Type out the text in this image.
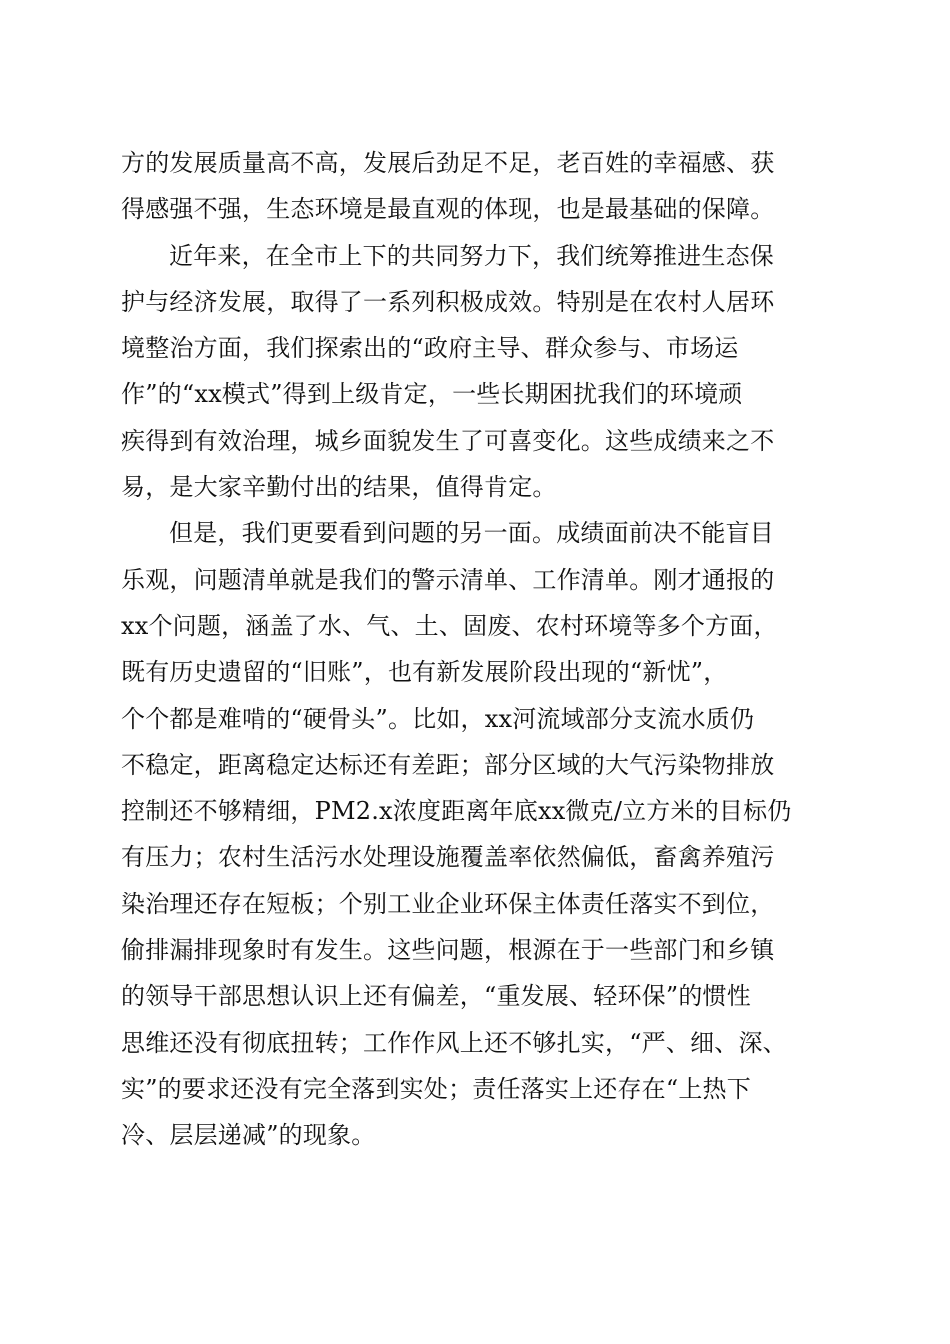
方的发展质量高不高，发展后劲足不足，老百姓的幸福感、获
得感强不强，生态环境是最直观的体现，也是最基础的保障。
近年来，在全市上下的共同努力下，我们统筹推进生态保
护与经济发展，取得了一系列积极成效。特别是在农村人居环
境整治方面，我们探索出的“政府主导、群众参与、市场运
作”的“xx模式”得到上级肯定，一些长期困扰我们的环境顽
疾得到有效治理，城乡面貌发生了可喜变化。这些成绩来之不
易，是大家辛勤付出的结果，值得肯定。
但是，我们更要看到问题的另一面。成绩面前决不能盲目
乐观，问题清单就是我们的警示清单、工作清单。刚才通报的
xx个问题，涵盖了水、气、土、固废、农村环境等多个方面，
既有历史遗留的“旧账”，也有新发展阶段出现的“新忧”，
个个都是难啃的“硬骨头”。比如，xx河流域部分支流水质仍
不稳定，距离稳定达标还有差距；部分区域的大气污染物排放
控制还不够精细，PM2.x浓度距离年底xx微克/立方米的目标仍
有压力；农村生活污水处理设施覆盖率依然偏低，畜禽养殖污
染治理还存在短板；个别工业企业环保主体责任落实不到位，
偷排漏排现象时有发生。这些问题，根源在于一些部门和乡镇
的领导干部思想认识上还有偏差，“重发展、轻环保”的惯性
思维还没有彻底扭转；工作作风上还不够扎实，“严、细、深、
实”的要求还没有完全落到实处；责任落实上还存在“上热下
冷、层层递减”的现象。
